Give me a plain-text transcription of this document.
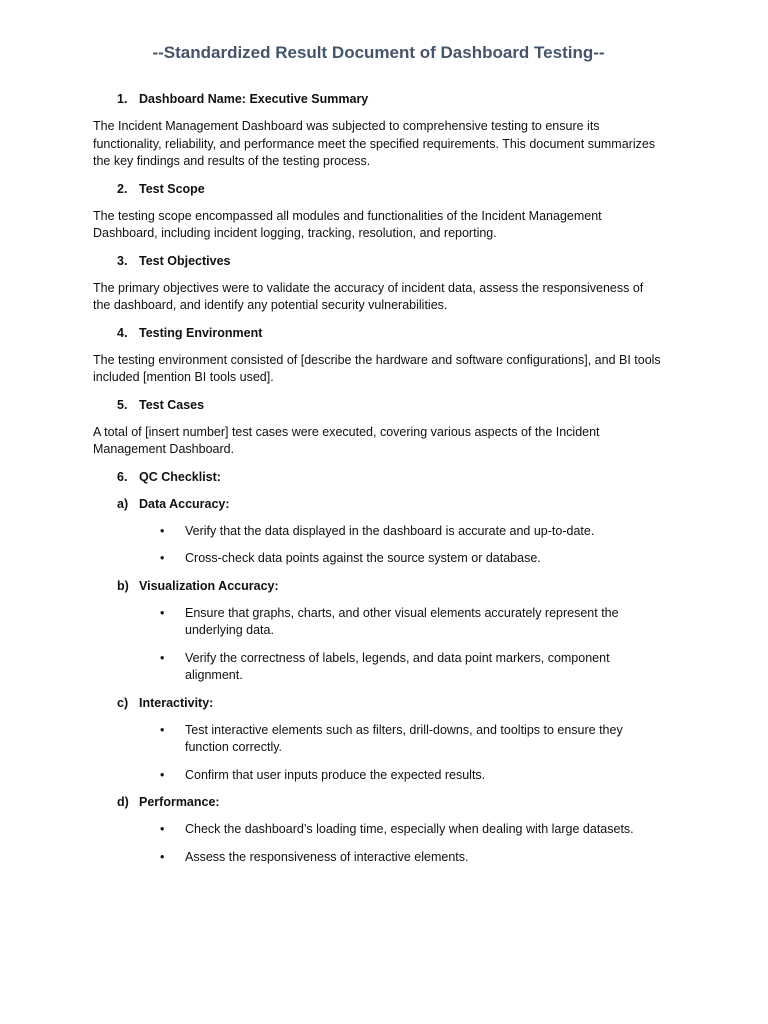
--Standardized Result Document of Dashboard Testing--
1. Dashboard Name: Executive Summary

The Incident Management Dashboard was subjected to comprehensive testing to ensure its functionality, reliability, and performance meet the specified requirements. This document summarizes the key findings and results of the testing process.

2. Test Scope

The testing scope encompassed all modules and functionalities of the Incident Management Dashboard, including incident logging, tracking, resolution, and reporting.

3. Test Objectives

The primary objectives were to validate the accuracy of incident data, assess the responsiveness of the dashboard, and identify any potential security vulnerabilities.

4. Testing Environment

The testing environment consisted of [describe the hardware and software configurations], and BI tools included [mention BI tools used].

5. Test Cases

A total of [insert number] test cases were executed, covering various aspects of the Incident Management Dashboard.

6. QC Checklist:
a) Data Accuracy:
•	Verify that the data displayed in the dashboard is accurate and up-to-date.
•	Cross-check data points against the source system or database.
b) Visualization Accuracy:
•	Ensure that graphs, charts, and other visual elements accurately represent the underlying data.
•	Verify the correctness of labels, legends, and data point markers, component alignment.
c) Interactivity:
•	Test interactive elements such as filters, drill-downs, and tooltips to ensure they function correctly.
•	Confirm that user inputs produce the expected results.
d) Performance:
•	Check the dashboard’s loading time, especially when dealing with large datasets.
•	Assess the responsiveness of interactive elements.
